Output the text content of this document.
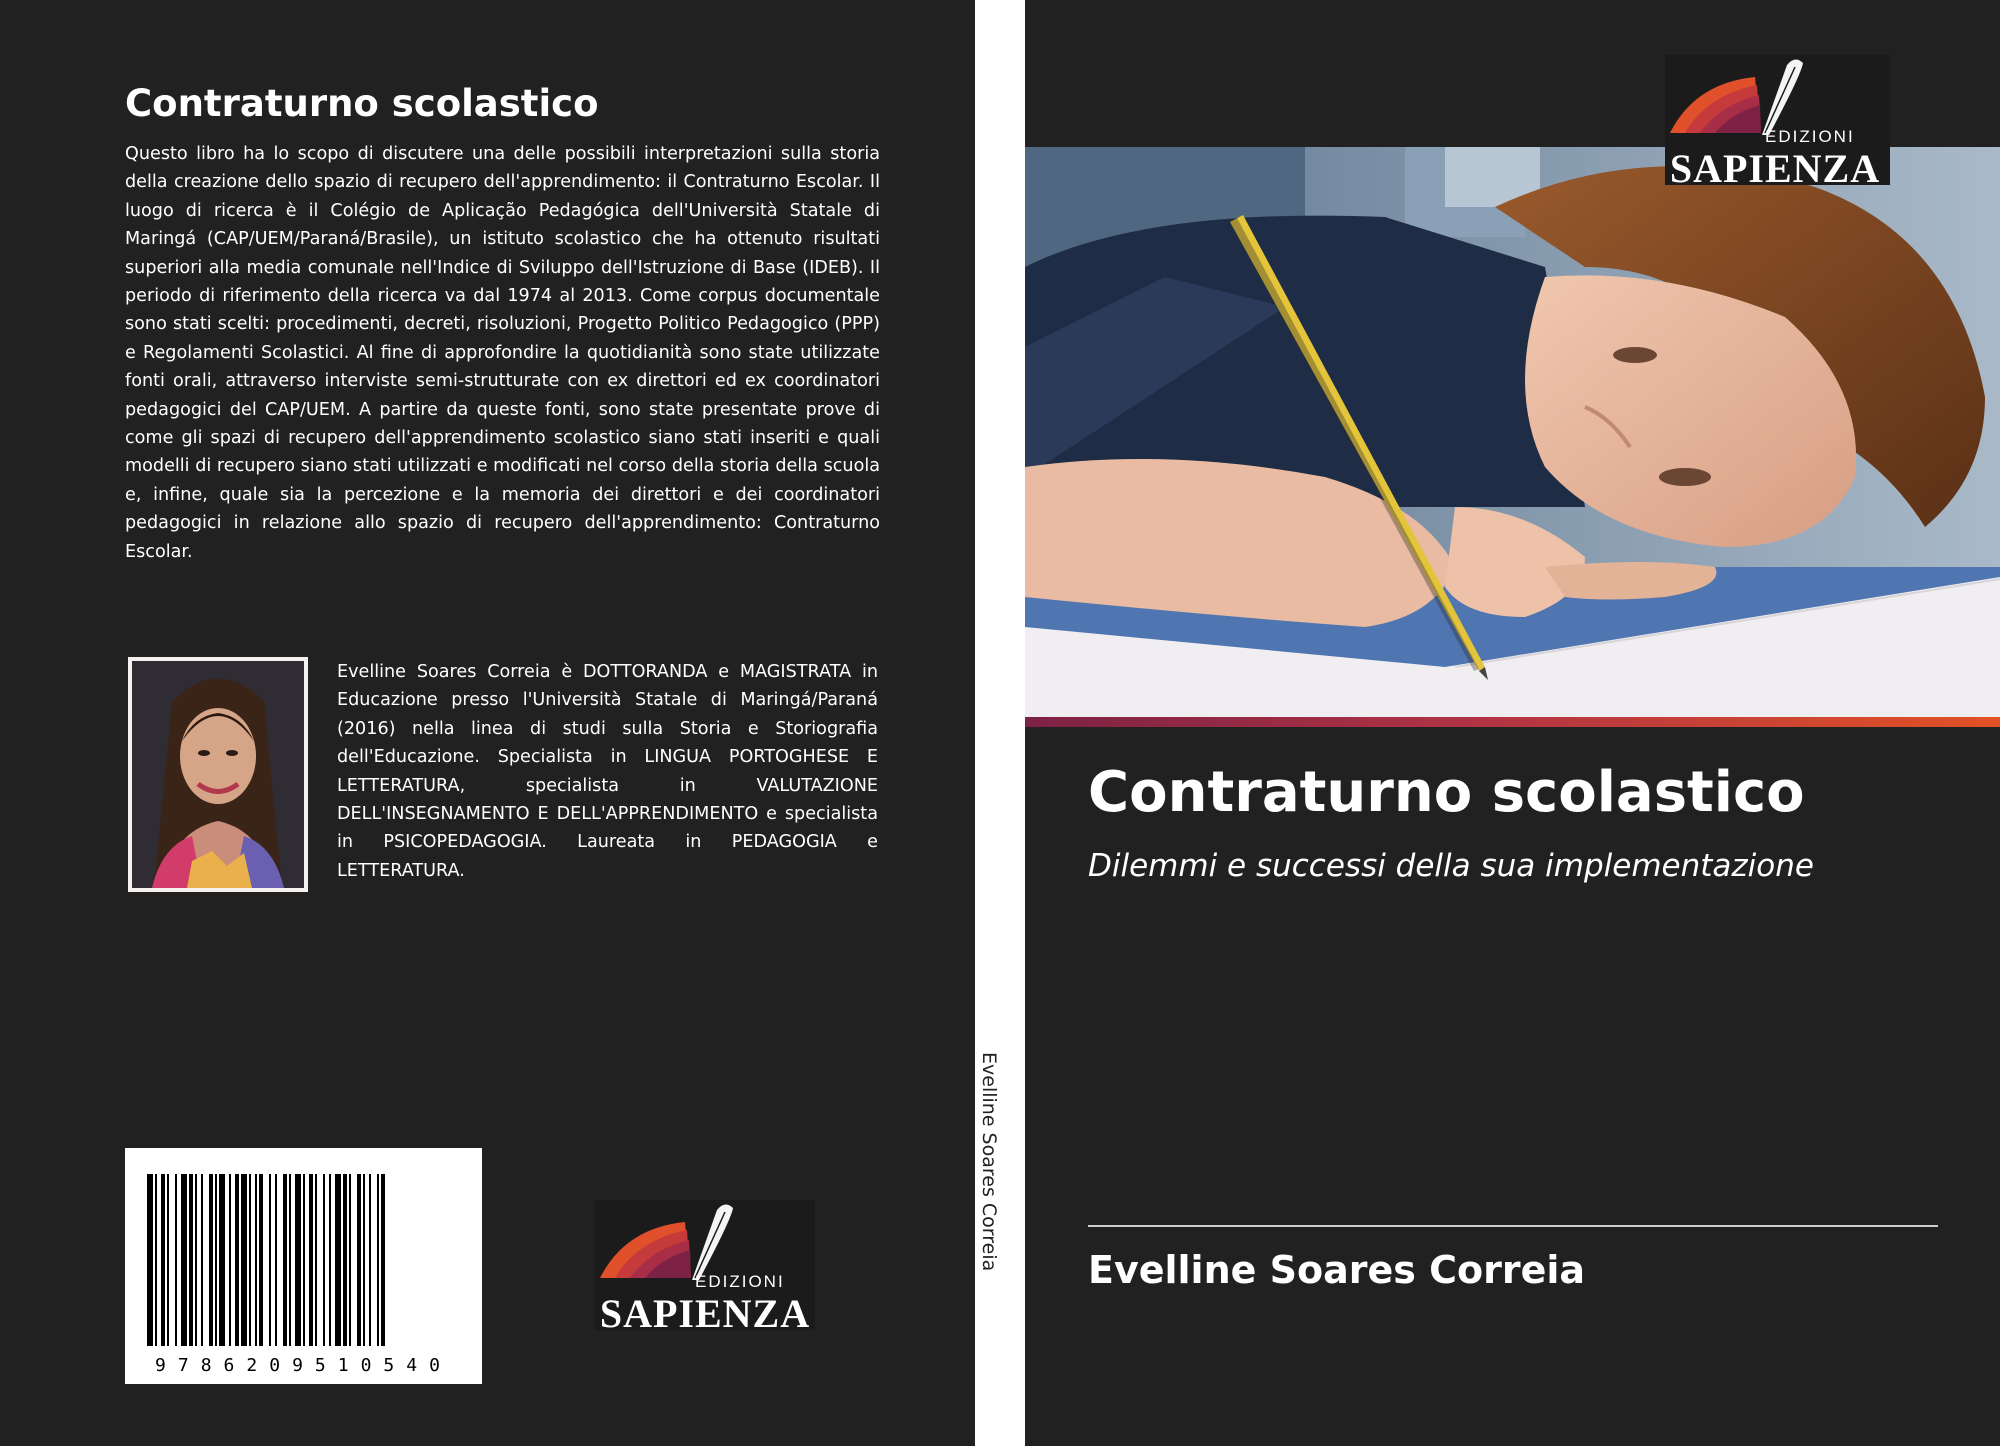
Contraturno scolastico

Questo libro ha lo scopo di discutere una delle possibili interpretazioni sulla storia della creazione dello spazio di recupero dell'apprendimento: il Contraturno Escolar. Il luogo di ricerca è il Colégio de Aplicação Pedagógica dell'Università Statale di Maringá (CAP/UEM/Paraná/Brasile), un istituto scolastico che ha ottenuto risultati superiori alla media comunale nell'Indice di Sviluppo dell'Istruzione di Base (IDEB). Il periodo di riferimento della ricerca va dal 1974 al 2013. Come corpus documentale sono stati scelti: procedimenti, decreti, risoluzioni, Progetto Politico Pedagogico (PPP) e Regolamenti Scolastici. Al fine di approfondire la quotidianità sono state utilizzate fonti orali, attraverso interviste semi-strutturate con ex direttori ed ex coordinatori pedagogici del CAP/UEM. A partire da queste fonti, sono state presentate prove di come gli spazi di recupero dell'apprendimento scolastico siano stati inseriti e quali modelli di recupero siano stati utilizzati e modificati nel corso della storia della scuola e, infine, quale sia la percezione e la memoria dei direttori e dei coordinatori pedagogici in relazione allo spazio di recupero dell'apprendimento: Contraturno Escolar.

Evelline Soares Correia è DOTTORANDA e MAGISTRATA in Educazione presso l'Università Statale di Maringá/Paraná (2016) nella linea di studi sulla Storia e Storiografia dell'Educazione. Specialista in LINGUA PORTOGHESE E LETTERATURA, specialista in VALUTAZIONE DELL'INSEGNAMENTO E DELL'APPRENDIMENTO e specialista in PSICOPEDAGOGIA. Laureata in PEDAGOGIA e LETTERATURA.

9786209510540
EDIZIONI
SAPIENZA
Evelline Soares Correia
EDIZIONI
SAPIENZA
Contraturno scolastico

Dilemmi e successi della sua implementazione

Evelline Soares Correia
